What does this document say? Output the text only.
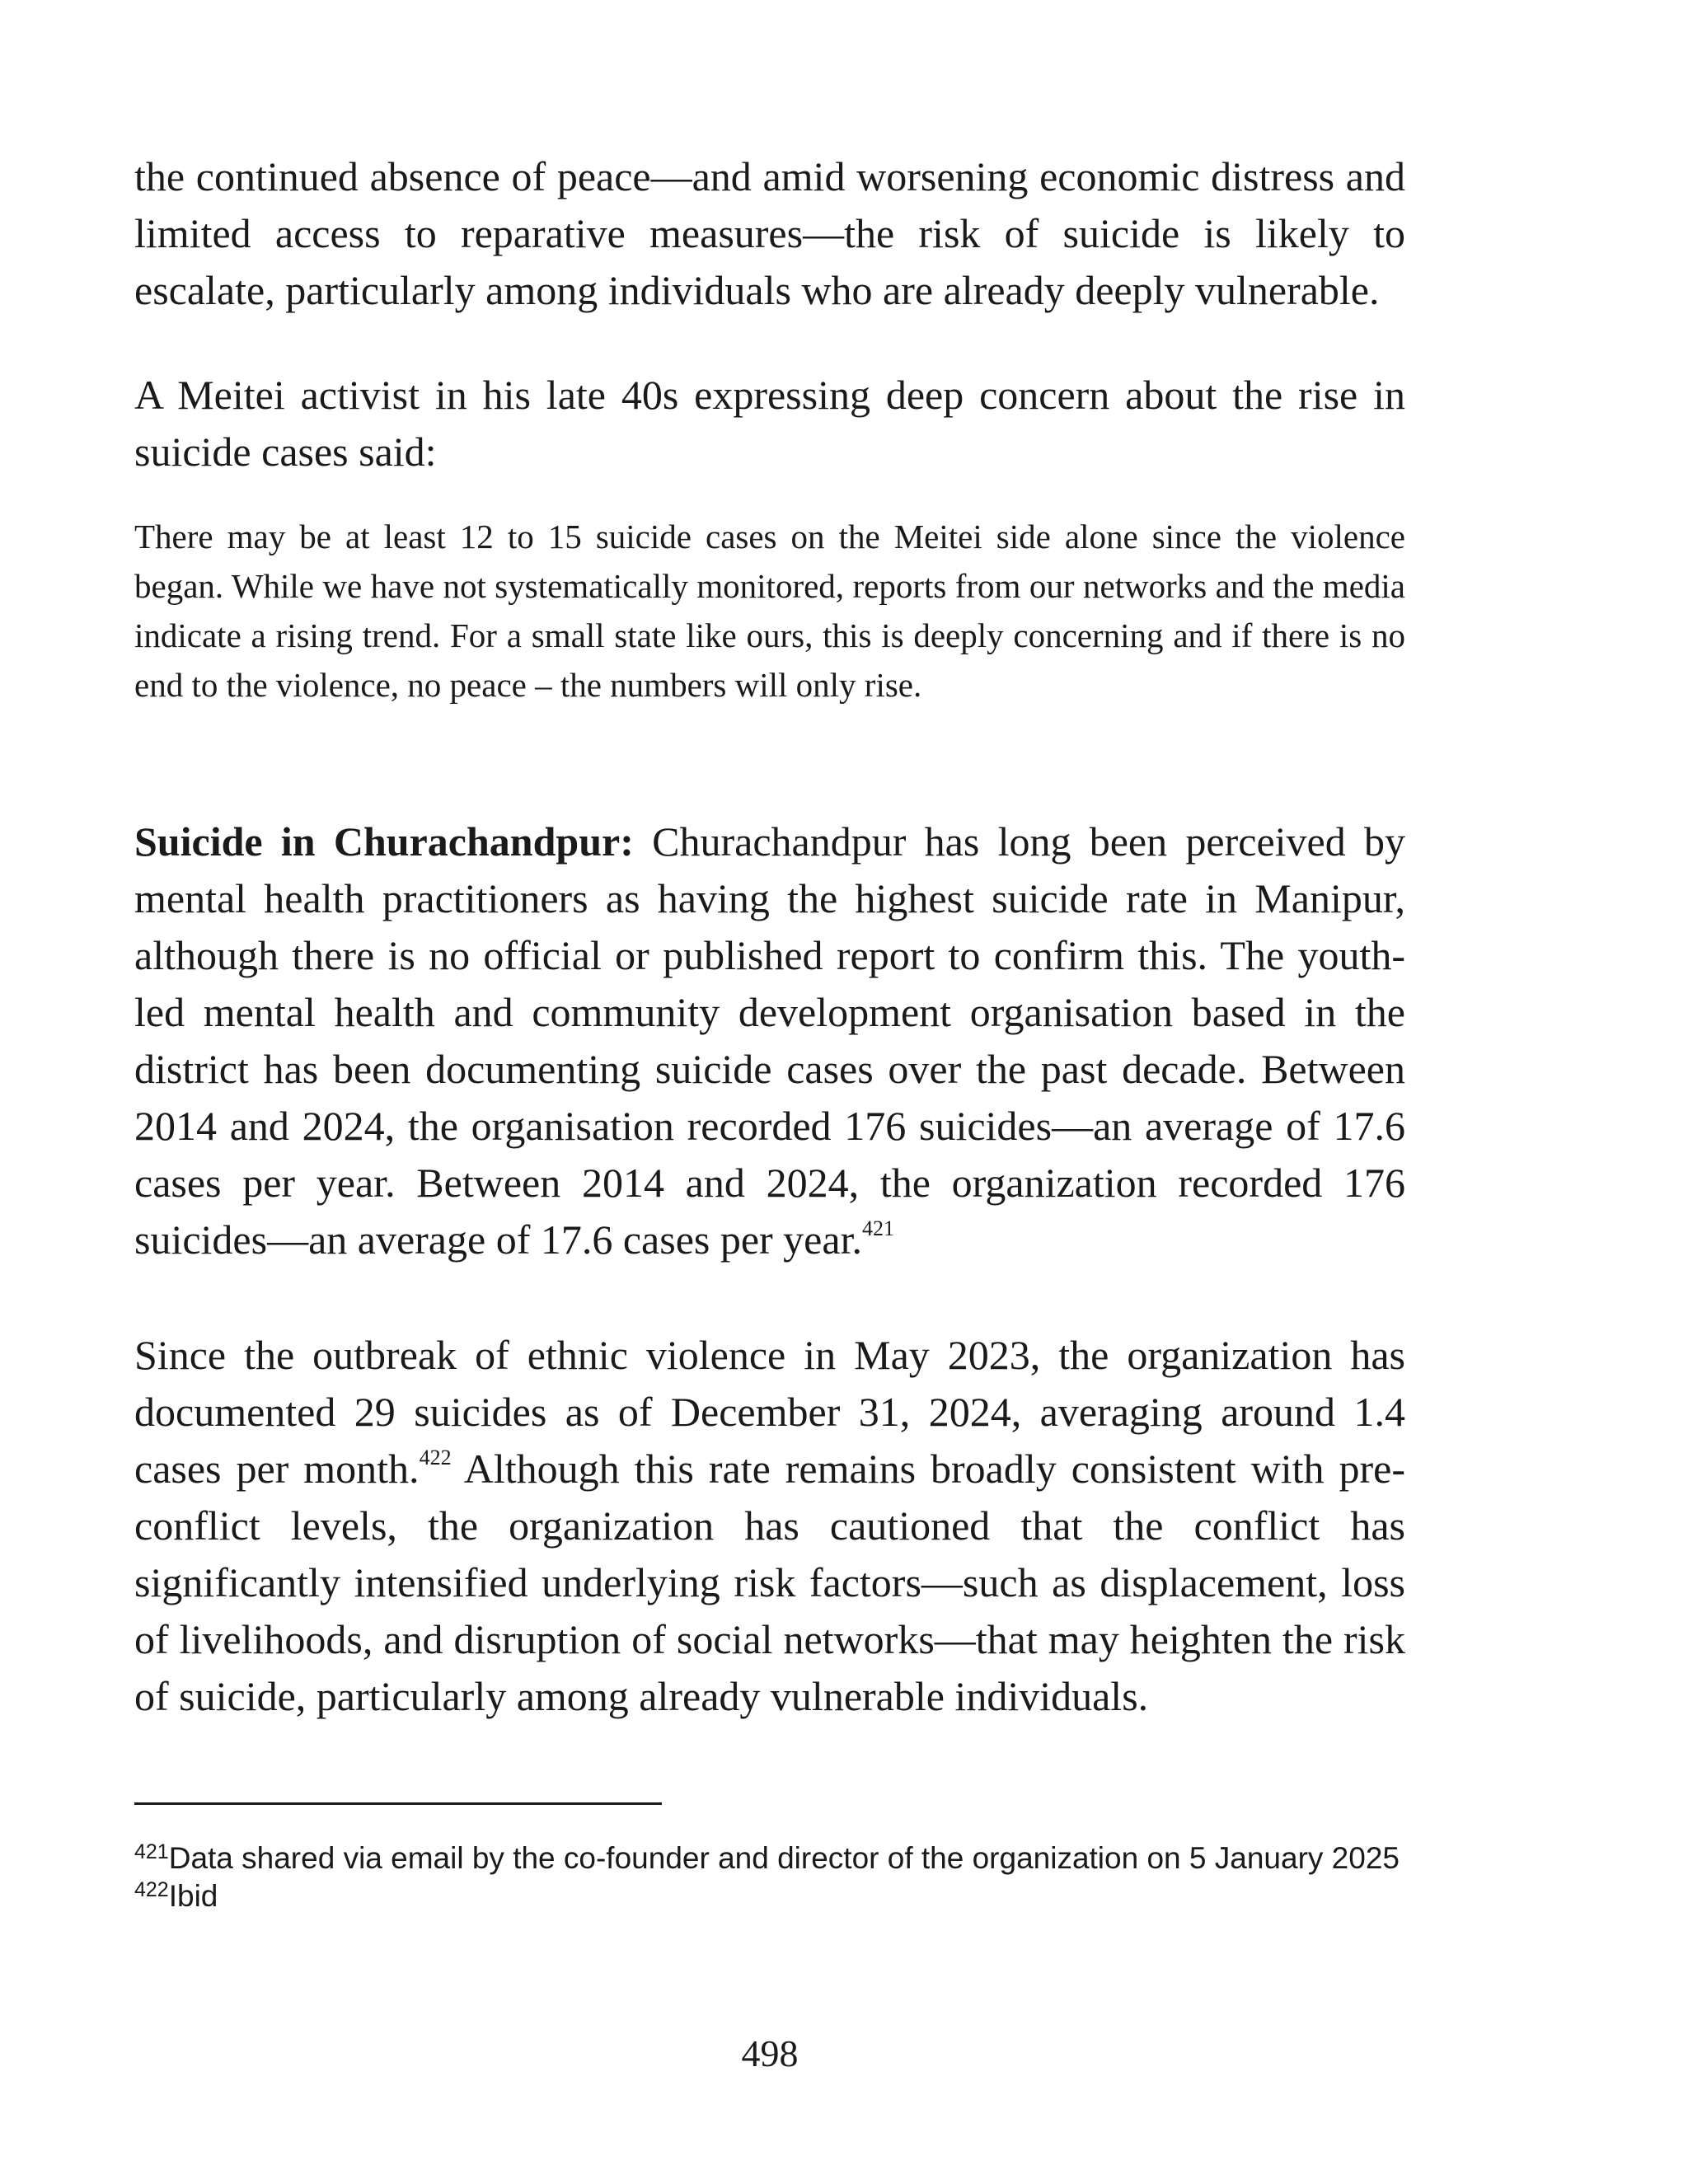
the continued absence of peace—and amid worsening economic distress and limited access to reparative measures—the risk of suicide is likely to escalate, particularly among individuals who are already deeply vulnerable.

A Meitei activist in his late 40s expressing deep concern about the rise in suicide cases said:

There may be at least 12 to 15 suicide cases on the Meitei side alone since the violence began. While we have not systematically monitored, reports from our networks and the media indicate a rising trend. For a small state like ours, this is deeply concerning and if there is no end to the violence, no peace – the numbers will only rise.

Suicide in Churachandpur: Churachandpur has long been perceived by mental health practitioners as having the highest suicide rate in Manipur, although there is no official or published report to confirm this. The youth-led mental health and community development organisation based in the district has been documenting suicide cases over the past decade. Between 2014 and 2024, the organisation recorded 176 suicides—an average of 17.6 cases per year. Between 2014 and 2024, the organization recorded 176 suicides—an average of 17.6 cases per year.$^{421}$

Since the outbreak of ethnic violence in May 2023, the organization has documented 29 suicides as of December 31, 2024, averaging around 1.4 cases per month.$^{422}$ Although this rate remains broadly consistent with pre-conflict levels, the organization has cautioned that the conflict has significantly intensified underlying risk factors—such as displacement, loss of livelihoods, and disruption of social networks—that may heighten the risk of suicide, particularly among already vulnerable individuals.

$^{421}$Data shared via email by the co-founder and director of the organization on 5 January 2025

$^{422}$Ibid

498
